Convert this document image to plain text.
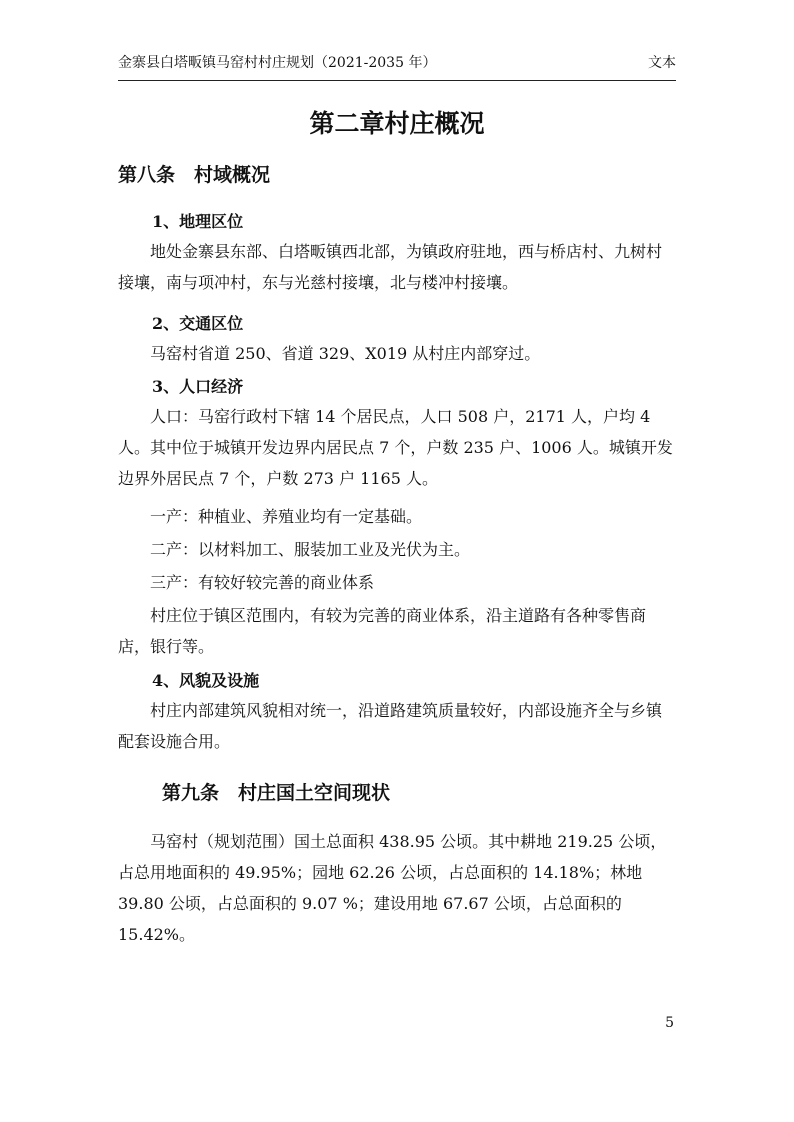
金寨县白塔畈镇马窑村村庄规划（2021-2035 年）	文本
第二章村庄概况
第八条　村域概况
1、地理区位
地处金寨县东部、白塔畈镇西北部，为镇政府驻地，西与桥店村、九树村接壤，南与项冲村，东与光慈村接壤，北与楼冲村接壤。
2、交通区位
马窑村省道 250、省道 329、X019 从村庄内部穿过。
3、人口经济
人口：马窑行政村下辖 14 个居民点，人口 508 户，2171 人，户均 4 人。其中位于城镇开发边界内居民点 7 个，户数 235 户、1006 人。城镇开发边界外居民点 7 个，户数 273 户 1165 人。
一产：种植业、养殖业均有一定基础。
二产：以材料加工、服装加工业及光伏为主。
三产：有较好较完善的商业体系
村庄位于镇区范围内，有较为完善的商业体系，沿主道路有各种零售商店，银行等。
4、风貌及设施
村庄内部建筑风貌相对统一，沿道路建筑质量较好，内部设施齐全与乡镇配套设施合用。
第九条　村庄国土空间现状
马窑村（规划范围）国土总面积 438.95 公顷。其中耕地 219.25 公顷，占总用地面积的 49.95%；园地 62.26 公顷，占总面积的 14.18%；林地 39.80 公顷，占总面积的 9.07 %；建设用地 67.67 公顷，占总面积的 15.42%。
5
